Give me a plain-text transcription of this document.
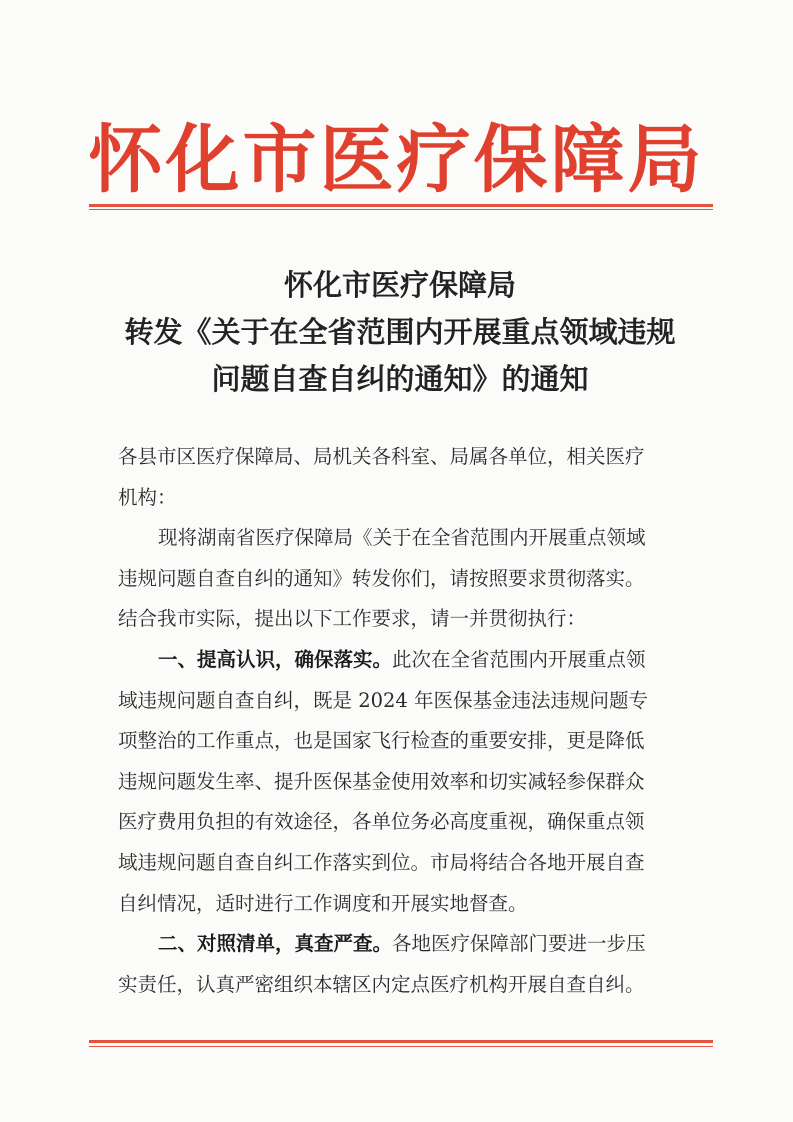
怀化市医疗保障局
怀化市医疗保障局
转发《关于在全省范围内开展重点领域违规
问题自查自纠的通知》的通知
各县市区医疗保障局、局机关各科室、局属各单位，相关医疗
机构：
现将湖南省医疗保障局《关于在全省范围内开展重点领域
违规问题自查自纠的通知》转发你们，请按照要求贯彻落实。
结合我市实际，提出以下工作要求，请一并贯彻执行：
一、提高认识，确保落实。此次在全省范围内开展重点领
域违规问题自查自纠，既是 2024 年医保基金违法违规问题专
项整治的工作重点，也是国家飞行检查的重要安排，更是降低
违规问题发生率、提升医保基金使用效率和切实减轻参保群众
医疗费用负担的有效途径，各单位务必高度重视，确保重点领
域违规问题自查自纠工作落实到位。市局将结合各地开展自查
自纠情况，适时进行工作调度和开展实地督查。
二、对照清单，真查严查。各地医疗保障部门要进一步压
实责任，认真严密组织本辖区内定点医疗机构开展自查自纠。
